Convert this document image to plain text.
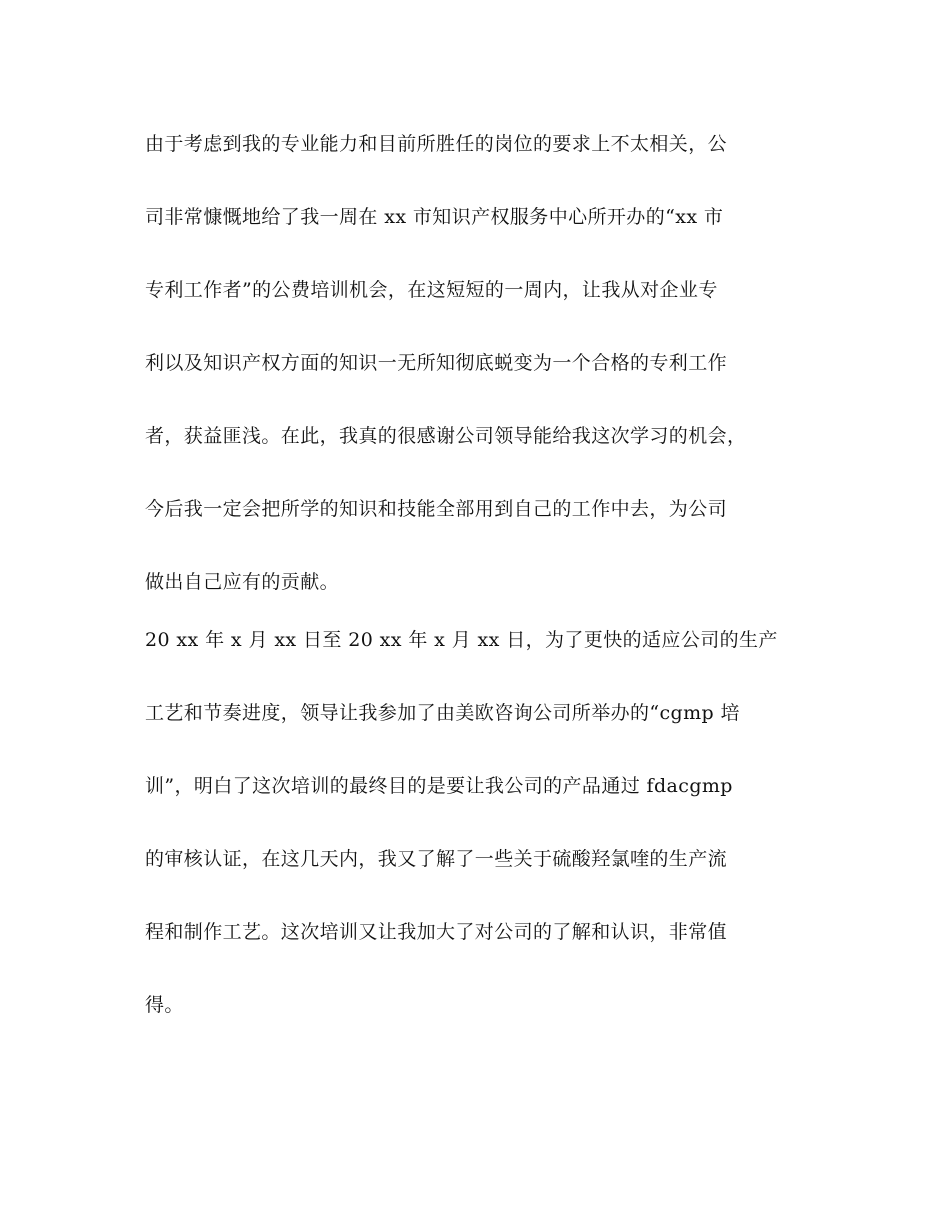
由于考虑到我的专业能力和目前所胜任的岗位的要求上不太相关，公
司非常慷慨地给了我一周在 xx 市知识产权服务中心所开办的“xx 市
专利工作者”的公费培训机会，在这短短的一周内，让我从对企业专
利以及知识产权方面的知识一无所知彻底蜕变为一个合格的专利工作
者，获益匪浅。在此，我真的很感谢公司领导能给我这次学习的机会，
今后我一定会把所学的知识和技能全部用到自己的工作中去，为公司
做出自己应有的贡献。
20 xx 年 x 月 xx 日至 20 xx 年 x 月 xx 日，为了更快的适应公司的生产
工艺和节奏进度，领导让我参加了由美欧咨询公司所举办的“cgmp 培
训”，明白了这次培训的最终目的是要让我公司的产品通过 fdacgmp
的审核认证，在这几天内，我又了解了一些关于硫酸羟氯喹的生产流
程和制作工艺。这次培训又让我加大了对公司的了解和认识，非常值
得。
